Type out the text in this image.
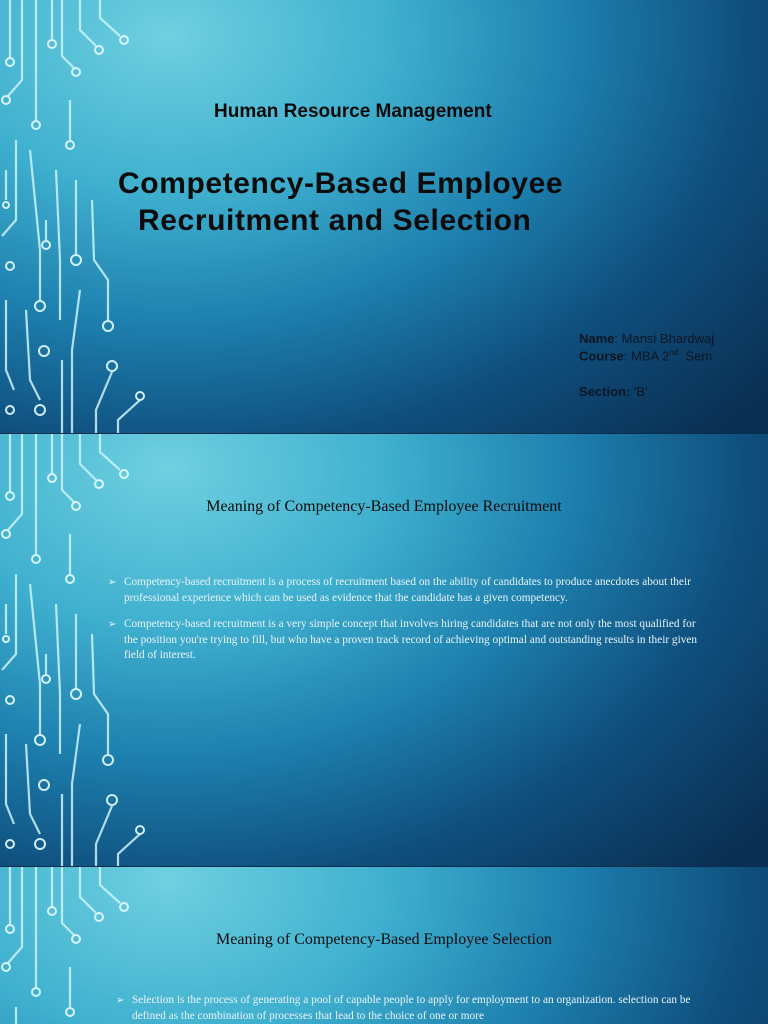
Human Resource Management
Competency-Based Employee
Recruitment and Selection
Name: Mansi Bhardwaj
Course: MBA 2nd  Sem
Section: 'B'
Meaning of Competency-Based Employee Recruitment
➢ Competency-based recruitment is a process of recruitment based on the ability of candidates to produce anecdotes about their professional experience which can be used as evidence that the candidate has a given competency.
➢ Competency-based recruitment is a very simple concept that involves hiring candidates that are not only the most qualified for the position you're trying to fill, but who have a proven track record of achieving optimal and outstanding results in their given field of interest.
Meaning of Competency-Based Employee Selection
➢ Selection is the process of generating a pool of capable people to apply for employment to an organization. selection can be defined as the combination of processes that lead to the choice of one or more
